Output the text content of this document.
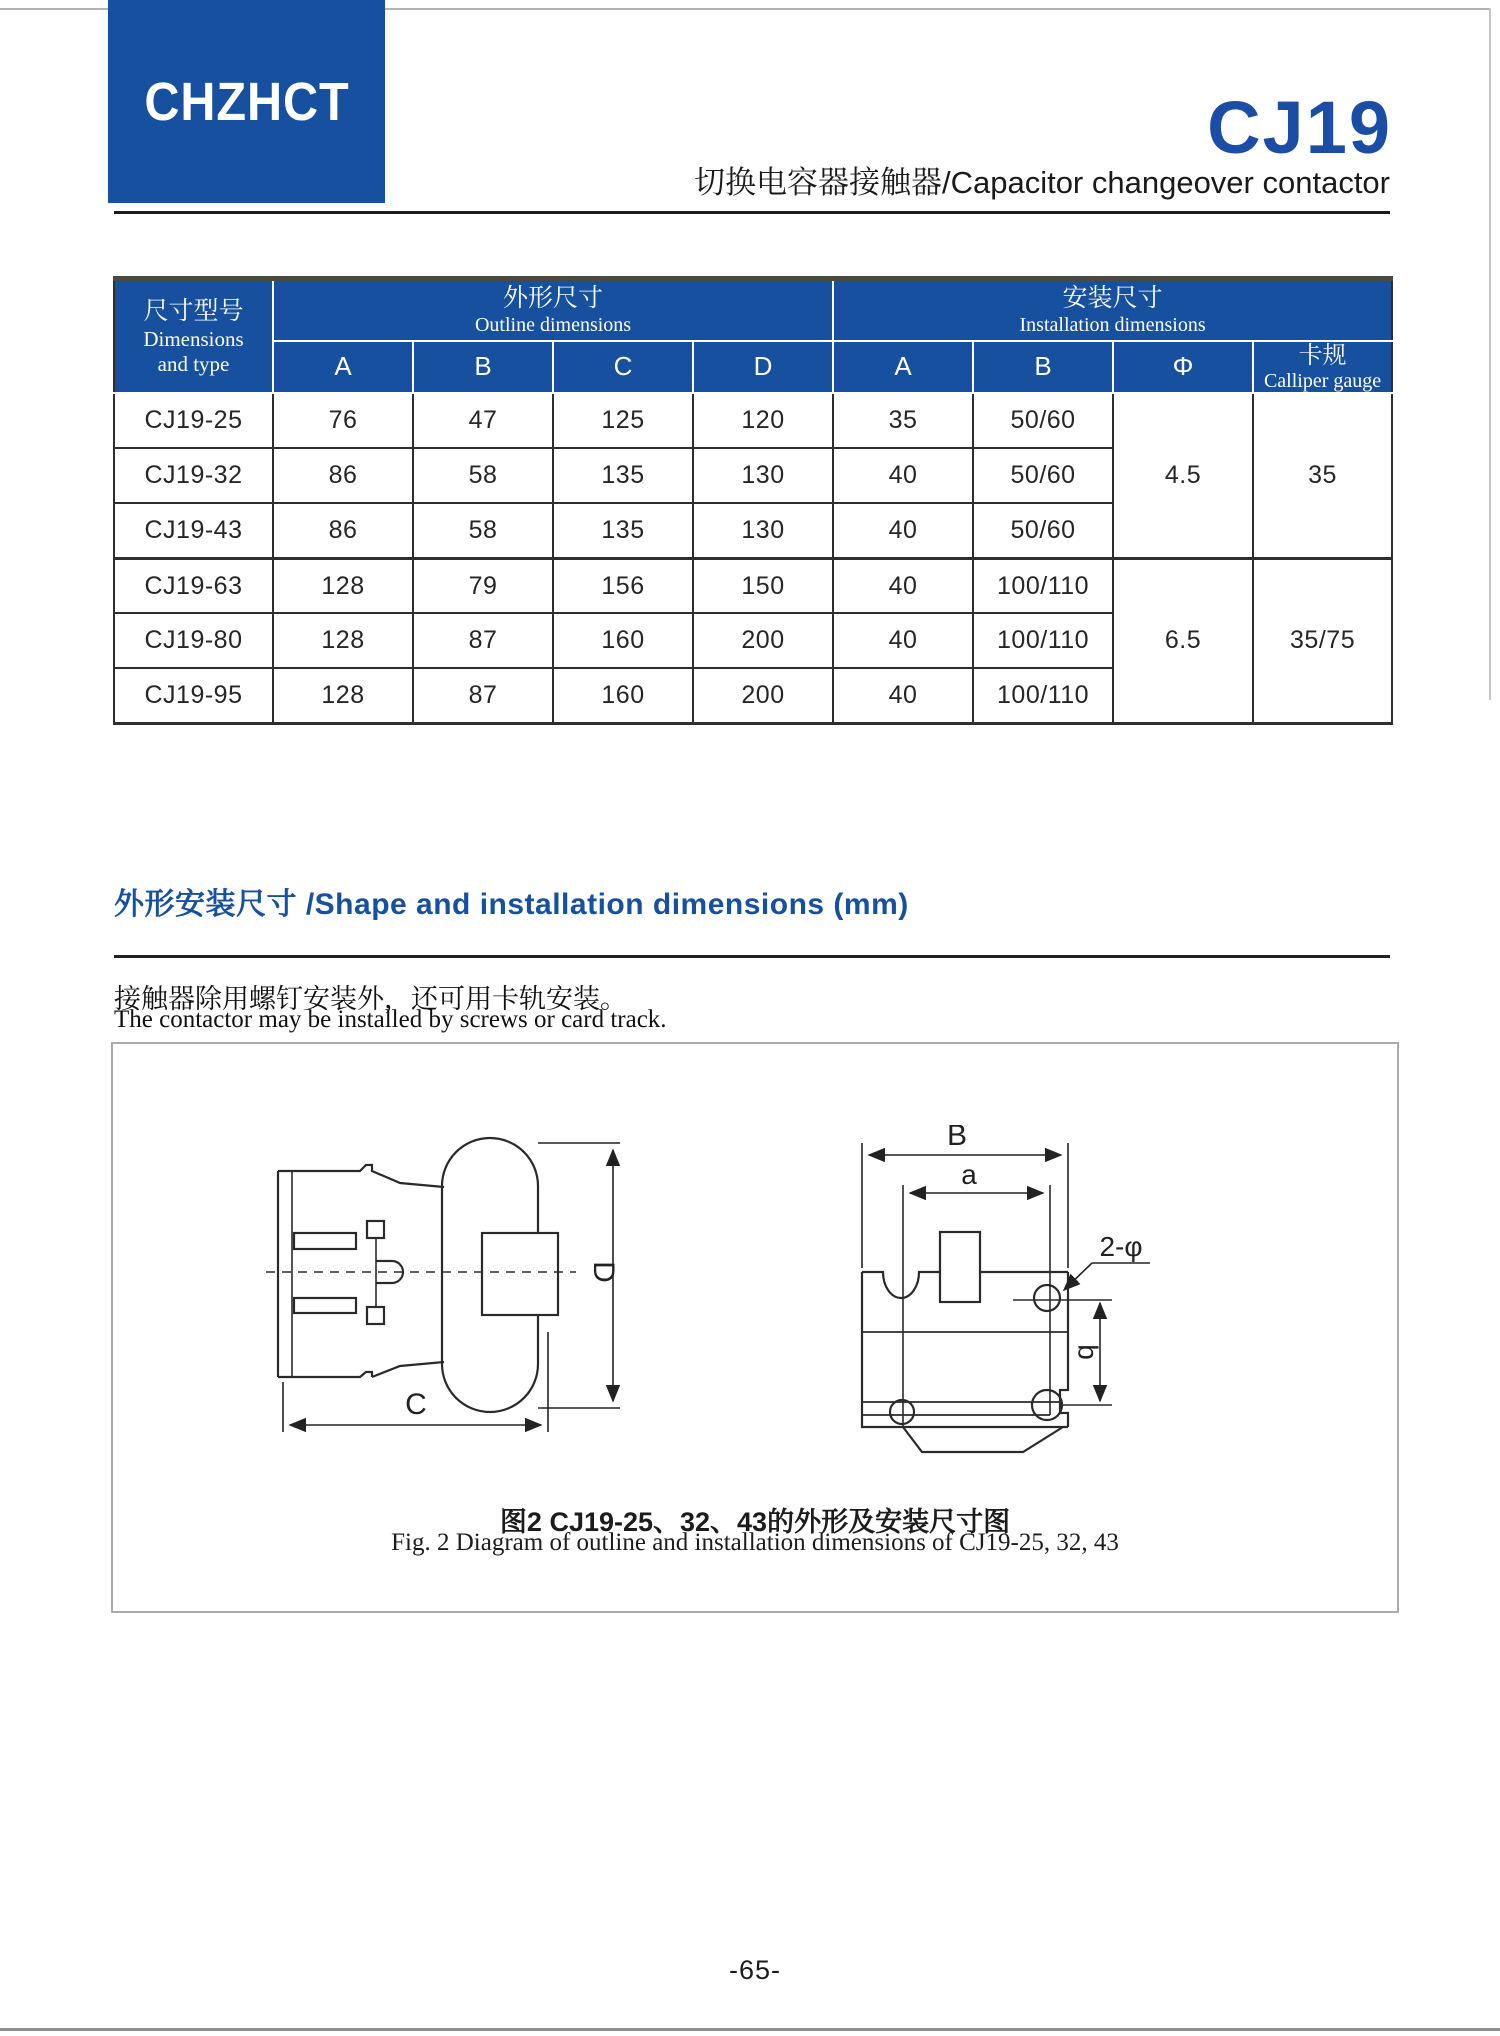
CHZHCT	CJ19
切换电容器接触器/Capacitor changeover contactor
尺寸型号
Dimensions and type

外形尺寸
Outline dimensions

安装尺寸
Installation dimensions

	A	B	C	D	A	B	Φ	卡规
Calliper gauge

CJ19-25	76	47	125	120	35	50/60	4.5	35
CJ19-32	86	58	135	130	40	50/60		
CJ19-43	86	58	135	130	40	50/60		
CJ19-63	128	79	156	150	40	100/110	6.5	35/75
CJ19-80	128	87	160	200	40	100/110		
CJ19-95	128	87	160	200	40	100/110		
外形安装尺寸 /Shape and installation dimensions (mm)
接触器除用螺钉安装外，还可用卡轨安装。
The contactor may be installed by screws or card track.
D
C
B
a
b
2-φ
图2 CJ19-25、32、43的外形及安装尺寸图
Fig. 2 Diagram of outline and installation dimensions of CJ19-25, 32, 43
-65-
